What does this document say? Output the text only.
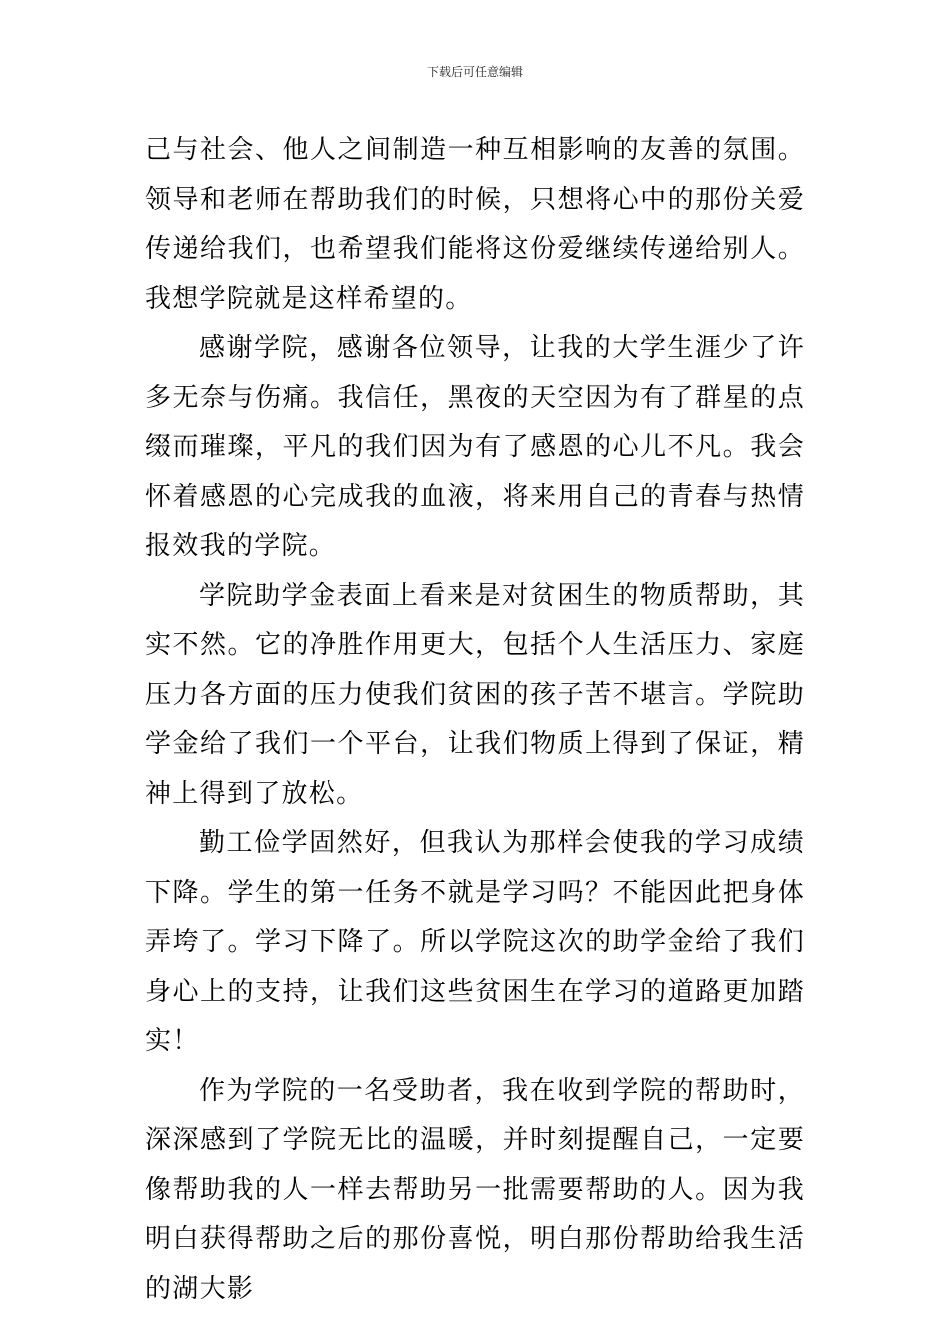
下载后可任意编辑

己与社会、他人之间制造一种互相影响的友善的氛围。领导和老师在帮助我们的时候，只想将心中的那份关爱传递给我们，也希望我们能将这份爱继续传递给别人。我想学院就是这样希望的。

感谢学院，感谢各位领导，让我的大学生涯少了许多无奈与伤痛。我信任，黑夜的天空因为有了群星的点缀而璀璨，平凡的我们因为有了感恩的心儿不凡。我会怀着感恩的心完成我的血液，将来用自己的青春与热情报效我的学院。

学院助学金表面上看来是对贫困生的物质帮助，其实不然。它的净胜作用更大，包括个人生活压力、家庭压力各方面的压力使我们贫困的孩子苦不堪言。学院助学金给了我们一个平台，让我们物质上得到了保证，精神上得到了放松。

勤工俭学固然好，但我认为那样会使我的学习成绩下降。学生的第一任务不就是学习吗？不能因此把身体弄垮了。学习下降了。所以学院这次的助学金给了我们身心上的支持，让我们这些贫困生在学习的道路更加踏实！

作为学院的一名受助者，我在收到学院的帮助时，深深感到了学院无比的温暖，并时刻提醒自己，一定要像帮助我的人一样去帮助另一批需要帮助的人。因为我明白获得帮助之后的那份喜悦，明白那份帮助给我生活的湖大影
